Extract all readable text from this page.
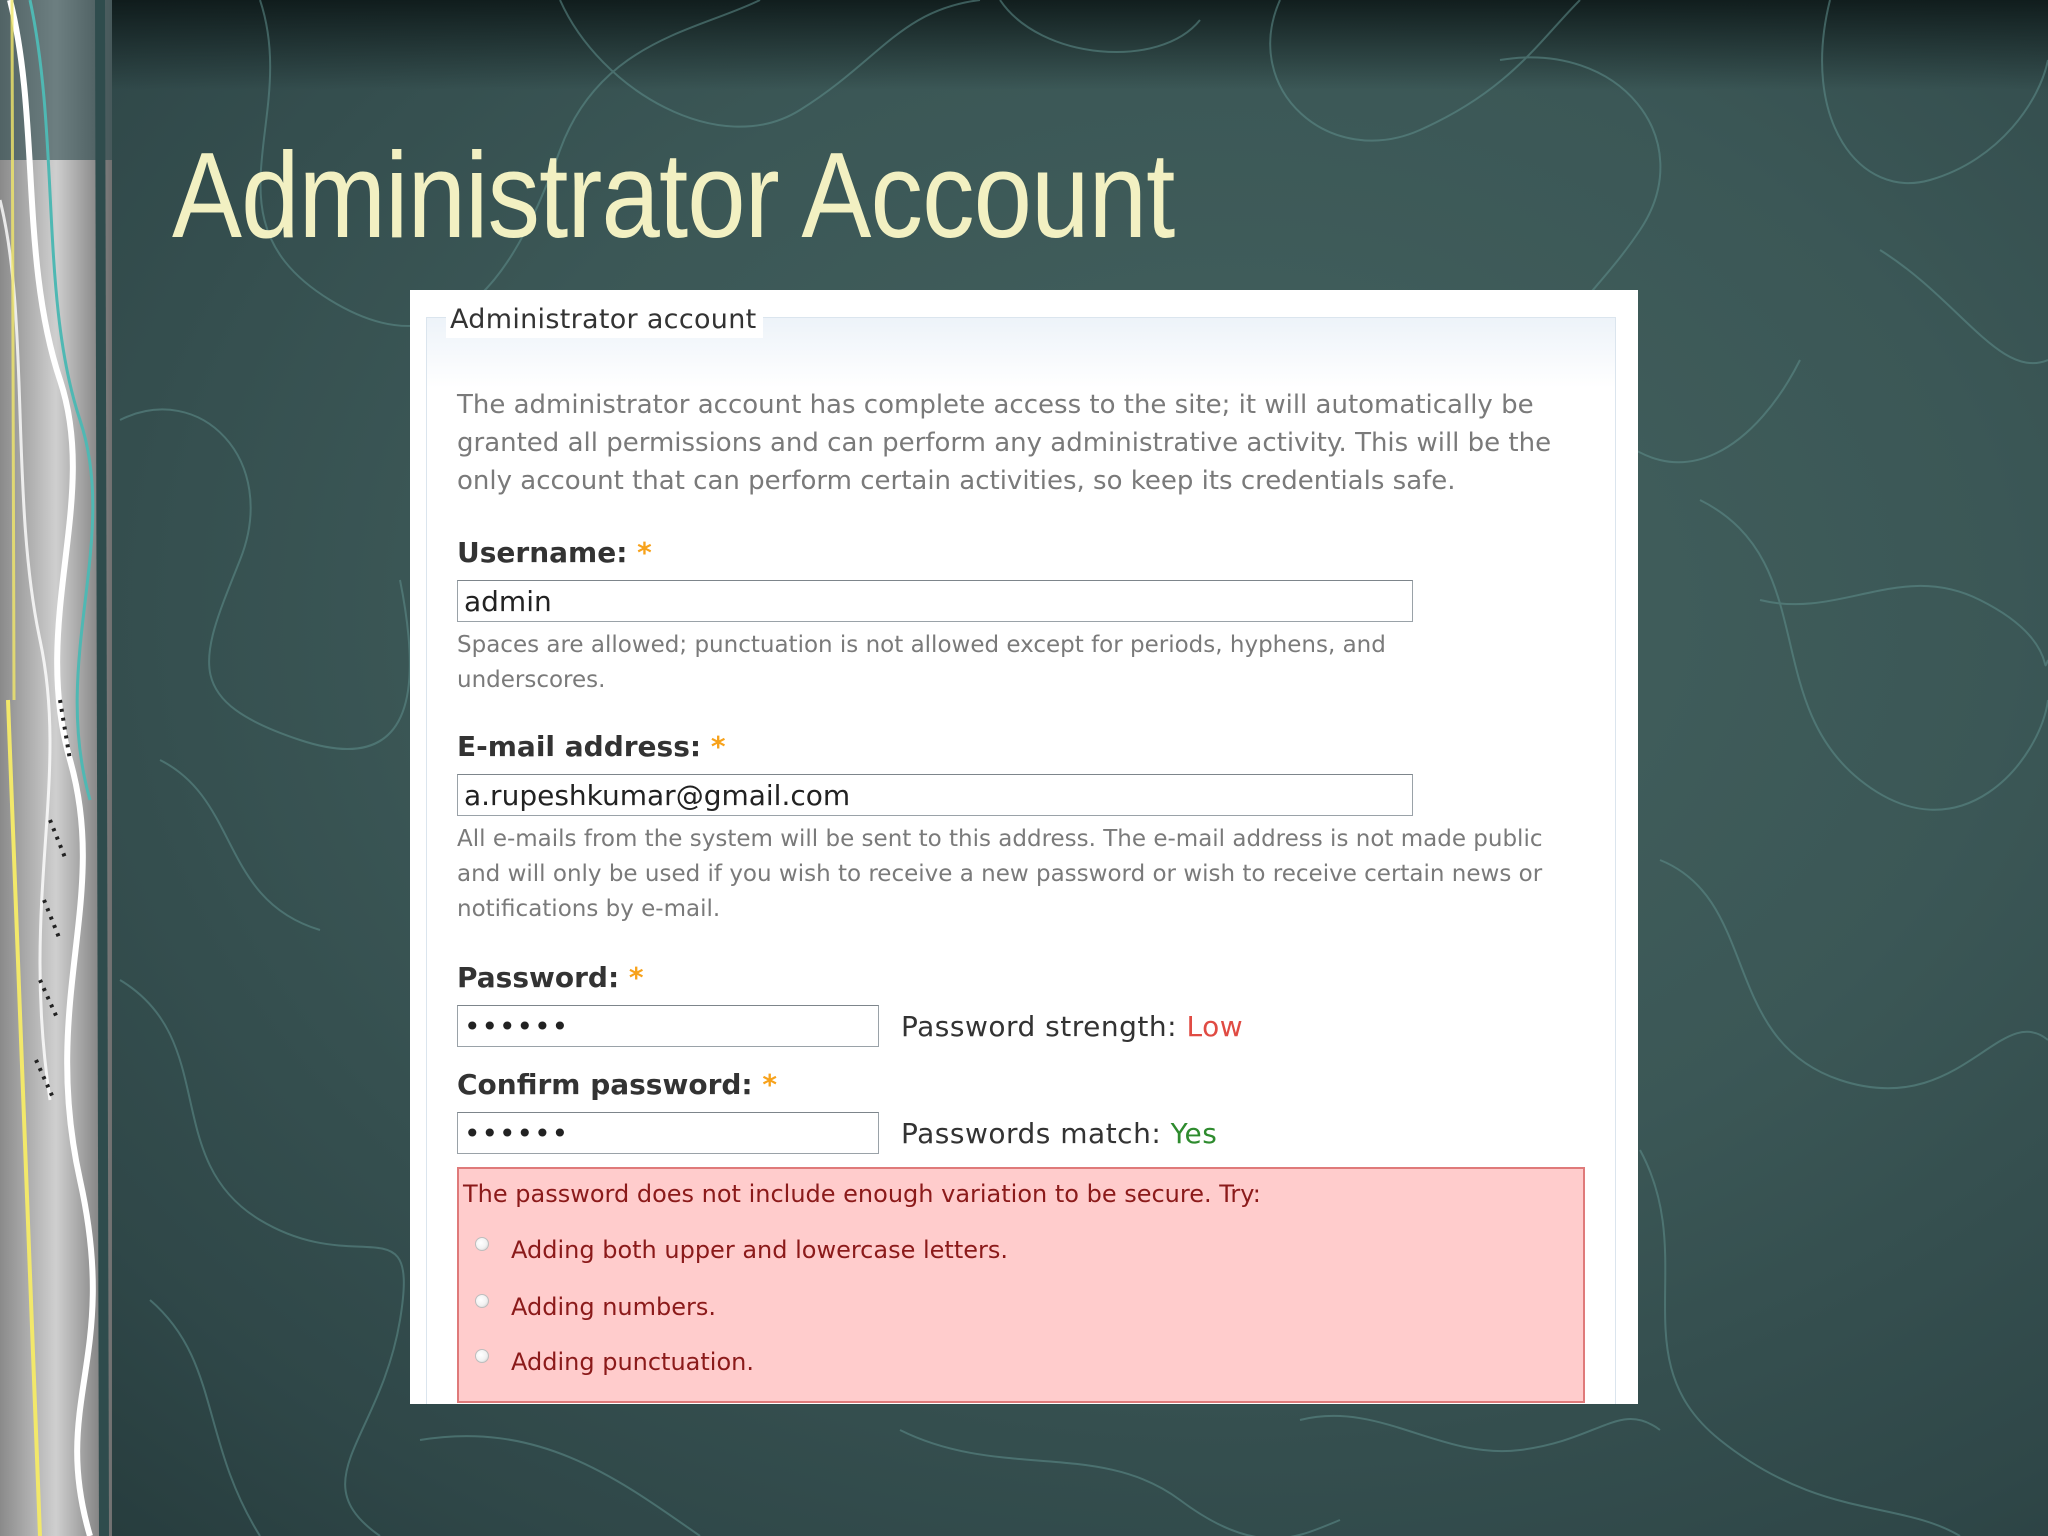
Administrator Account
Administrator account

The administrator account has complete access to the site; it will automatically be granted all permissions and can perform any administrative activity. This will be the only account that can perform certain activities, so keep its credentials safe.

Username: *
admin

Spaces are allowed; punctuation is not allowed except for periods, hyphens, and underscores.

E-mail address: *
a.rupeshkumar@gmail.com

All e-mails from the system will be sent to this address. The e-mail address is not made public and will only be used if you wish to receive a new password or wish to receive certain news or notifications by e-mail.

Password: *
••••••
Password strength: Low
Confirm password: *
••••••
Passwords match: Yes
The password does not include enough variation to be secure. Try:
Adding both upper and lowercase letters.
Adding numbers.
Adding punctuation.
